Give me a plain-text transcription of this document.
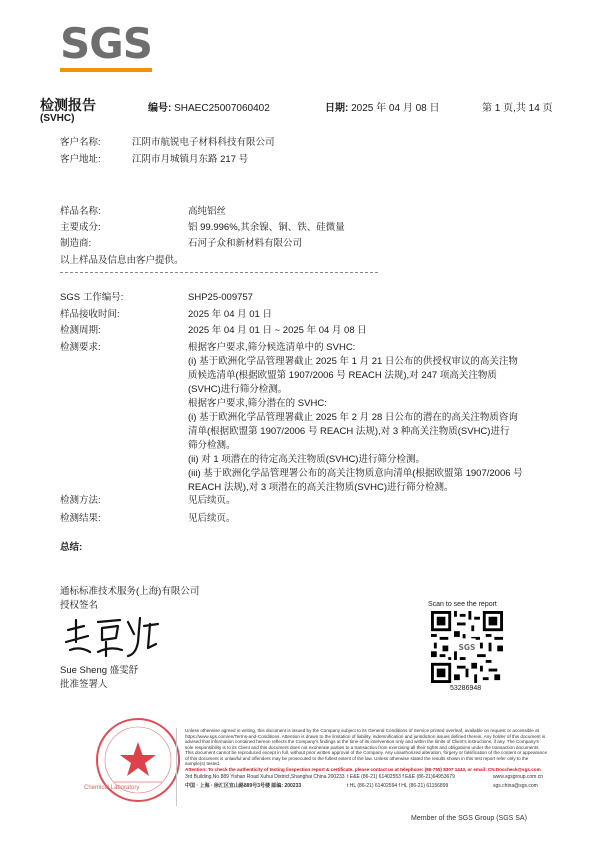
SGS
检测报告
(SVHC)
编号: SHAEC25007060402	日期: 2025 年 04 月 08 日	第 1 页,共 14 页
客户名称:	江阴市航锐电子材料科技有限公司
客户地址:	江阴市月城镇月东路 217 号
样品名称:	高纯铝丝
主要成分:	铝 99.996%,其余镍、铜、铁、硅微量
制造商:	石河子众和新材料有限公司
以上样品及信息由客户提供。
SGS 工作编号:	SHP25-009757
样品接收时间:	2025 年 04 月 01 日
检测周期:	2025 年 04 月 01 日 ~ 2025 年 04 月 08 日
检测要求:	根据客户要求,筛分候选清单中的 SVHC:
(i) 基于欧洲化学品管理署截止 2025 年 1 月 21 日公布的供授权审议的高关注物
质候选清单(根据欧盟第 1907/2006 号 REACH 法规),对 247 项高关注物质
(SVHC)进行筛分检测。
根据客户要求,筛分潜在的 SVHC:
(i) 基于欧洲化学品管理署截止 2025 年 2 月 28 日公布的潜在的高关注物质咨询
清单(根据欧盟第 1907/2006 号 REACH 法规),对 3 种高关注物质(SVHC)进行
筛分检测。
(ii) 对 1 项潜在的待定高关注物质(SVHC)进行筛分检测。
(iii) 基于欧洲化学品管理署公布的高关注物质意向清单(根据欧盟第 1907/2006 号
REACH 法规),对 3 项潜在的高关注物质(SVHC)进行筛分检测。
检测方法:	见后续页。
检测结果:	见后续页。
总结:
通标标准技术服务(上海)有限公司
授权签名
Sue Sheng 盛雯舒
批准签署人
Scan to see the report
SGS
53286948
Chemical Laboratory

Unless otherwise agreed in writing, this document is issued by the Company subject to its General Conditions of Service printed overleaf, available on request or accessible at https://www.sgs.com/en/Terms-and-Conditions. Attention is drawn to the limitation of liability, indemnification and jurisdiction issues defined therein. Any holder of this document is advised that information contained hereon reflects the Company's findings at the time of its intervention only and within the limits of Client's instructions, if any. The Company's sole responsibility is to its Client and this document does not exonerate parties to a transaction from exercising all their rights and obligations under the transaction documents. This document cannot be reproduced except in full, without prior written approval of the Company. Any unauthorized alteration, forgery or falsification of the content or appearance of this document is unlawful and offenders may be prosecuted to the fullest extent of the law. Unless otherwise stated the results shown in this test report refer only to the sample(s) tested.

Attention: To check the authenticity of testing /inspection report & certificate, please contact us at telephone: (86-755) 8307 1443, or email: CN.Doccheck@sgs.com

3rd Building,No.889 Yishan Road Xuhui District,Shanghai China 200233
中国 · 上海 · 徐汇区宜山路889号3号楼 邮编: 200233
t E&E (86-21) 61402553 f E&E (86-21)64953679
t HL (86-21) 61402594 f HL (86-21) 61156899
www.sgsgroup.com.cn
sgs.china@sgs.com
Member of the SGS Group (SGS SA)
